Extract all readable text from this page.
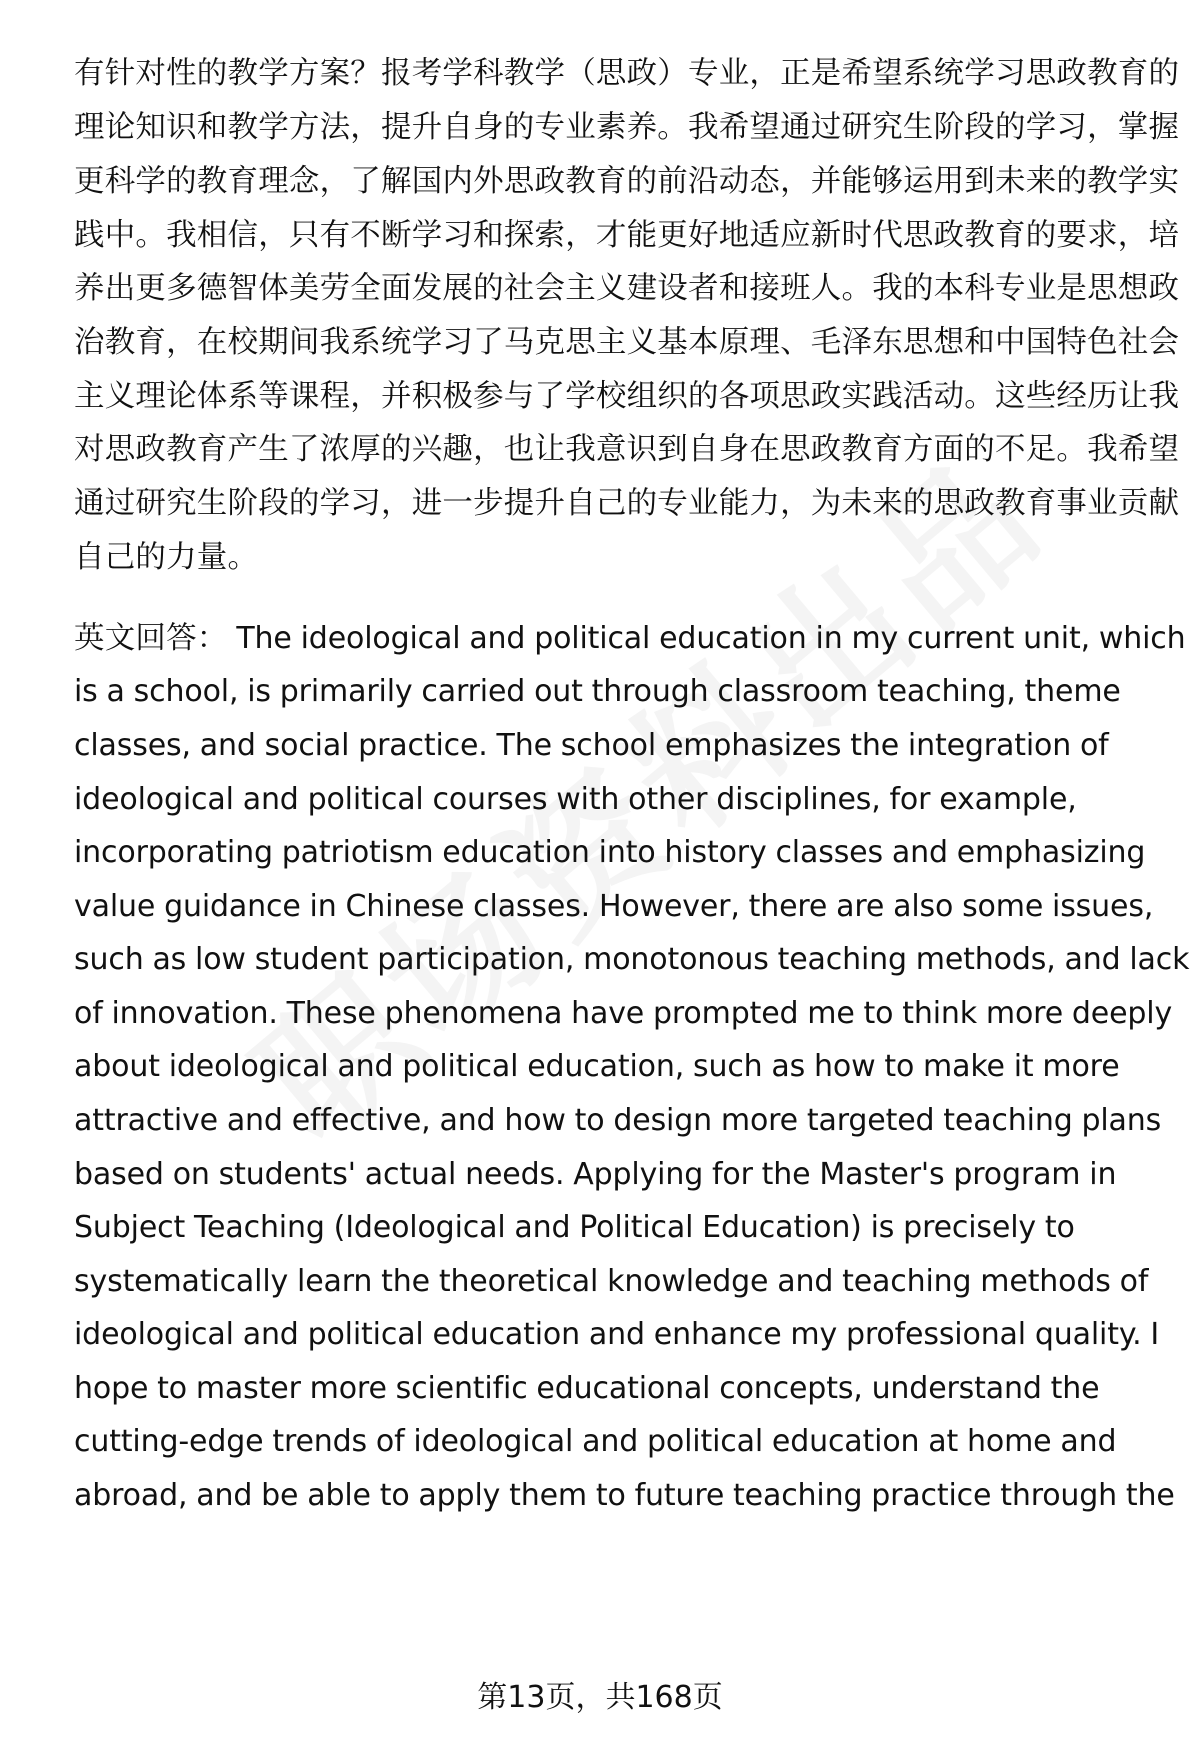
有针对性的教学方案？报考学科教学（思政）专业，正是希望系统学习思政教育的
理论知识和教学方法，提升自身的专业素养。我希望通过研究生阶段的学习，掌握
更科学的教育理念，了解国内外思政教育的前沿动态，并能够运用到未来的教学实
践中。我相信，只有不断学习和探索，才能更好地适应新时代思政教育的要求，培
养出更多德智体美劳全面发展的社会主义建设者和接班人。我的本科专业是思想政
治教育，在校期间我系统学习了马克思主义基本原理、毛泽东思想和中国特色社会
主义理论体系等课程，并积极参与了学校组织的各项思政实践活动。这些经历让我
对思政教育产生了浓厚的兴趣，也让我意识到自身在思政教育方面的不足。我希望
通过研究生阶段的学习，进一步提升自己的专业能力，为未来的思政教育事业贡献
自己的力量。
英文回答： The ideological and political education in my current unit, which
is a school, is primarily carried out through classroom teaching, theme
classes, and social practice. The school emphasizes the integration of
ideological and political courses with other disciplines, for example,
incorporating patriotism education into history classes and emphasizing
value guidance in Chinese classes. However, there are also some issues,
such as low student participation, monotonous teaching methods, and lack
of innovation. These phenomena have prompted me to think more deeply
about ideological and political education, such as how to make it more
attractive and effective, and how to design more targeted teaching plans
based on students' actual needs. Applying for the Master's program in
Subject Teaching (Ideological and Political Education) is precisely to
systematically learn the theoretical knowledge and teaching methods of
ideological and political education and enhance my professional quality. I
hope to master more scientific educational concepts, understand the
cutting-edge trends of ideological and political education at home and
abroad, and be able to apply them to future teaching practice through the
第13页，共168页
